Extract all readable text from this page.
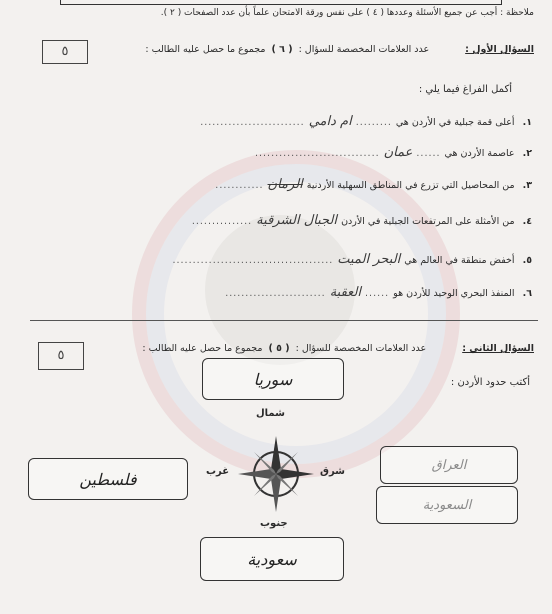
ملاحظة : أجب عن جميع الأسئلة وعددها ( ٤ ) على نفس ورقة الامتحان علماً بأن عدد الصفحات ( ٢ ).
السؤال الأول :
عدد العلامات المخصصة للسؤال :
( ٦ )
مجموع ما حصل عليه الطالب :
٥
أكمل الفراغ فيما يلي :
١.
أعلى قمة جبلية في الأردن هي
.........
ام دامي
..........................
٢.
عاصمة الأردن هي
......
عمان
...............................
٣.
من المحاصيل التي تزرع في المناطق السهلية الأردنية
الرمان
............
٤.
من الأمثلة على المرتفعات الجبلية في الأردن
الجبال الشرقية
...............
٥.
أخفض منطقة في العالم هي
البحر الميت
........................................
٦.
المنفذ البحري الوحيد للأردن هو
......
العقبة
.........................
السؤال الثاني :
عدد العلامات المخصصة للسؤال :
( ٥ )
مجموع ما حصل عليه الطالب :
٥
أكتب حدود الأردن :
سوريا
فلسطين
العراق
السعودية
سعودية
شمال
جنوب
شرق
غرب
